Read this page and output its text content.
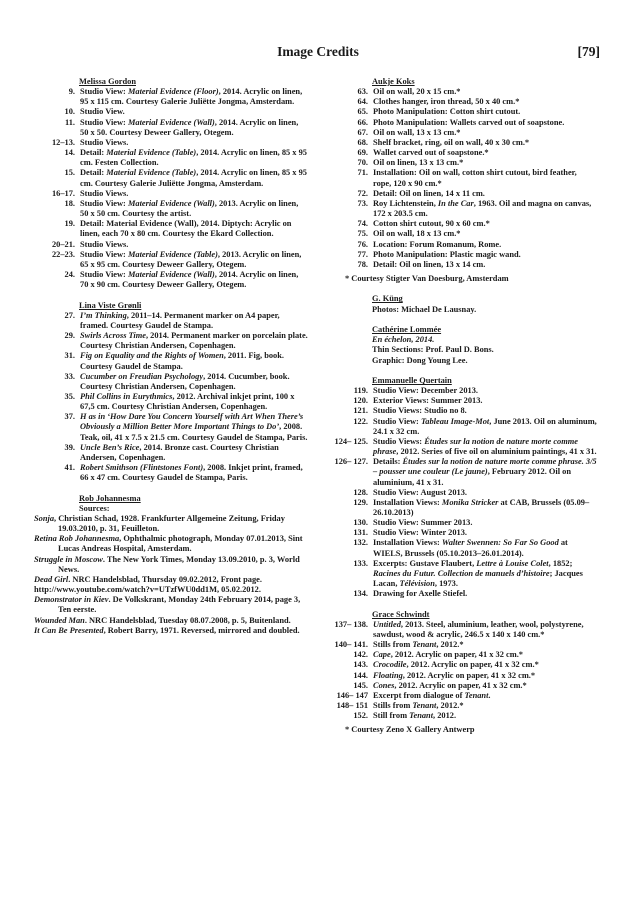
Image Credits	[79]
Melissa Gordon
9. Studio View: Material Evidence (Floor), 2014. Acrylic on linen, 95 x 115 cm. Courtesy Galerie Juliëtte Jongma, Amsterdam.
10. Studio View.
11. Studio View: Material Evidence (Wall), 2014. Acrylic on linen, 50 x 50. Courtesy Deweer Gallery, Otegem.
12–13. Studio Views.
14. Detail: Material Evidence (Table), 2014. Acrylic on linen, 85 x 95 cm. Festen Collection.
15. Detail: Material Evidence (Table), 2014. Acrylic on linen, 85 x 95 cm. Courtesy Galerie Juliëtte Jongma, Amsterdam.
16–17. Studio Views.
18. Studio View: Material Evidence (Wall), 2013. Acrylic on linen, 50 x 50 cm. Courtesy the artist.
19. Detail: Material Evidence (Wall), 2014. Diptych: Acrylic on linen, each 70 x 80 cm. Courtesy the Ekard Collection.
20–21. Studio Views.
22–23. Studio View: Material Evidence (Table), 2013. Acrylic on linen, 65 x 95 cm. Courtesy Deweer Gallery, Otegem.
24. Studio View: Material Evidence (Wall), 2014. Acrylic on linen, 70 x 90 cm. Courtesy Deweer Gallery, Otegem.
Lina Viste Grønli
27. I’m Thinking, 2011–14. Permanent marker on A4 paper, framed. Courtesy Gaudel de Stampa.
29. Swirls Across Time, 2014. Permanent marker on porcelain plate. Courtesy Christian Andersen, Copenhagen.
31. Fig on Equality and the Rights of Women, 2011. Fig, book. Courtesy Gaudel de Stampa.
33. Cucumber on Freudian Psychology, 2014. Cucumber, book. Courtesy Christian Andersen, Copenhagen.
35. Phil Collins in Eurythmics, 2012. Archival inkjet print, 100 x 67,5 cm. Courtesy Christian Andersen, Copenhagen.
37. H as in ‘How Dare You Concern Yourself with Art When There’s Obviously a Million Better More Important Things to Do’, 2008. Teak, oil, 41 x 7.5 x 21.5 cm. Courtesy Gaudel de Stampa, Paris.
39. Uncle Ben’s Rice, 2014. Bronze cast. Courtesy Christian Andersen, Copenhagen.
41. Robert Smithson (Flintstones Font), 2008. Inkjet print, framed, 66 x 47 cm. Courtesy Gaudel de Stampa, Paris.
Rob Johannesma
Sources:
Sonja, Christian Schad, 1928. Frankfurter Allgemeine Zeitung, Friday 19.03.2010, p. 31, Feuilleton.
Retina Rob Johannesma, Ophthalmic photograph, Monday 07.01.2013, Sint Lucas Andreas Hospital, Amsterdam.
Struggle in Moscow. The New York Times, Monday 13.09.2010, p. 3, World News.
Dead Girl. NRC Handelsblad, Thursday 09.02.2012, Front page.
http://www.youtube.com/watch?v=UTzfWU0dd1M, 05.02.2012.
Demonstrator in Kiev. De Volkskrant, Monday 24th February 2014, page 3, Ten eerste.
Wounded Man. NRC Handelsblad, Tuesday 08.07.2008, p. 5, Buitenland.
It Can Be Presented, Robert Barry, 1971. Reversed, mirrored and doubled.
Aukje Koks
63. Oil on wall, 20 x 15 cm.*
64. Clothes hanger, iron thread, 50 x 40 cm.*
65. Photo Manipulation: Cotton shirt cutout.
66. Photo Manipulation: Wallets carved out of soapstone.
67. Oil on wall, 13 x 13 cm.*
68. Shelf bracket, ring, oil on wall, 40 x 30 cm.*
69. Wallet carved out of soapstone.*
70. Oil on linen, 13 x 13 cm.*
71. Installation: Oil on wall, cotton shirt cutout, bird feather, rope, 120 x 90 cm.*
72. Detail: Oil on linen, 14 x 11 cm.
73. Roy Lichtenstein, In the Car, 1963. Oil and magna on canvas, 172 x 203.5 cm.
74. Cotton shirt cutout, 90 x 60 cm.*
75. Oil on wall, 18 x 13 cm.*
76. Location: Forum Romanum, Rome.
77. Photo Manipulation: Plastic magic wand.
78. Detail: Oil on linen, 13 x 14 cm.
* Courtesy Stigter Van Doesburg, Amsterdam
G. Küng
Photos: Michael De Lausnay.
Cathérine Lommée
En échelon, 2014.
Thin Sections: Prof. Paul D. Bons.
Graphic: Dong Young Lee.
Emmanuelle Quertain
119. Studio View: December 2013.
120. Exterior Views: Summer 2013.
121. Studio Views: Studio no 8.
122. Studio View: Tableau Image-Mot, June 2013. Oil on aluminum, 24.1 x 32 cm.
124– 125. Studio Views: Études sur la notion de nature morte comme phrase, 2012. Series of five oil on aluminium paintings, 41 x 31.
126– 127. Details: Études sur la notion de nature morte comme phrase. 3/5 – pousser une couleur (Le jaune), February 2012. Oil on aluminium, 41 x 31.
128. Studio View: August 2013.
129. Installation Views: Monika Stricker at CAB, Brussels (05.09–26.10.2013)
130. Studio View: Summer 2013.
131. Studio View: Winter 2013.
132. Installation Views: Walter Swennen: So Far So Good at WIELS, Brussels (05.10.2013–26.01.2014).
133. Excerpts: Gustave Flaubert, Lettre à Louise Colet, 1852; Racines du Futur. Collection de manuels d’histoire; Jacques Lacan, Télévision, 1973.
134. Drawing for Axelle Stiefel.
Grace Schwindt
137– 138. Untitled, 2013. Steel, aluminium, leather, wool, polystyrene, sawdust, wood & acrylic, 246.5 x 140 x 140 cm.*
140– 141. Stills from Tenant, 2012.*
142. Cape, 2012. Acrylic on paper, 41 x 32 cm.*
143. Crocodile, 2012. Acrylic on paper, 41 x 32 cm.*
144. Floating, 2012. Acrylic on paper, 41 x 32 cm.*
145. Cones, 2012. Acrylic on paper, 41 x 32 cm.*
146– 147 Excerpt from dialogue of Tenant.
148– 151 Stills from Tenant, 2012.*
152. Still from Tenant, 2012.
* Courtesy Zeno X Gallery Antwerp
